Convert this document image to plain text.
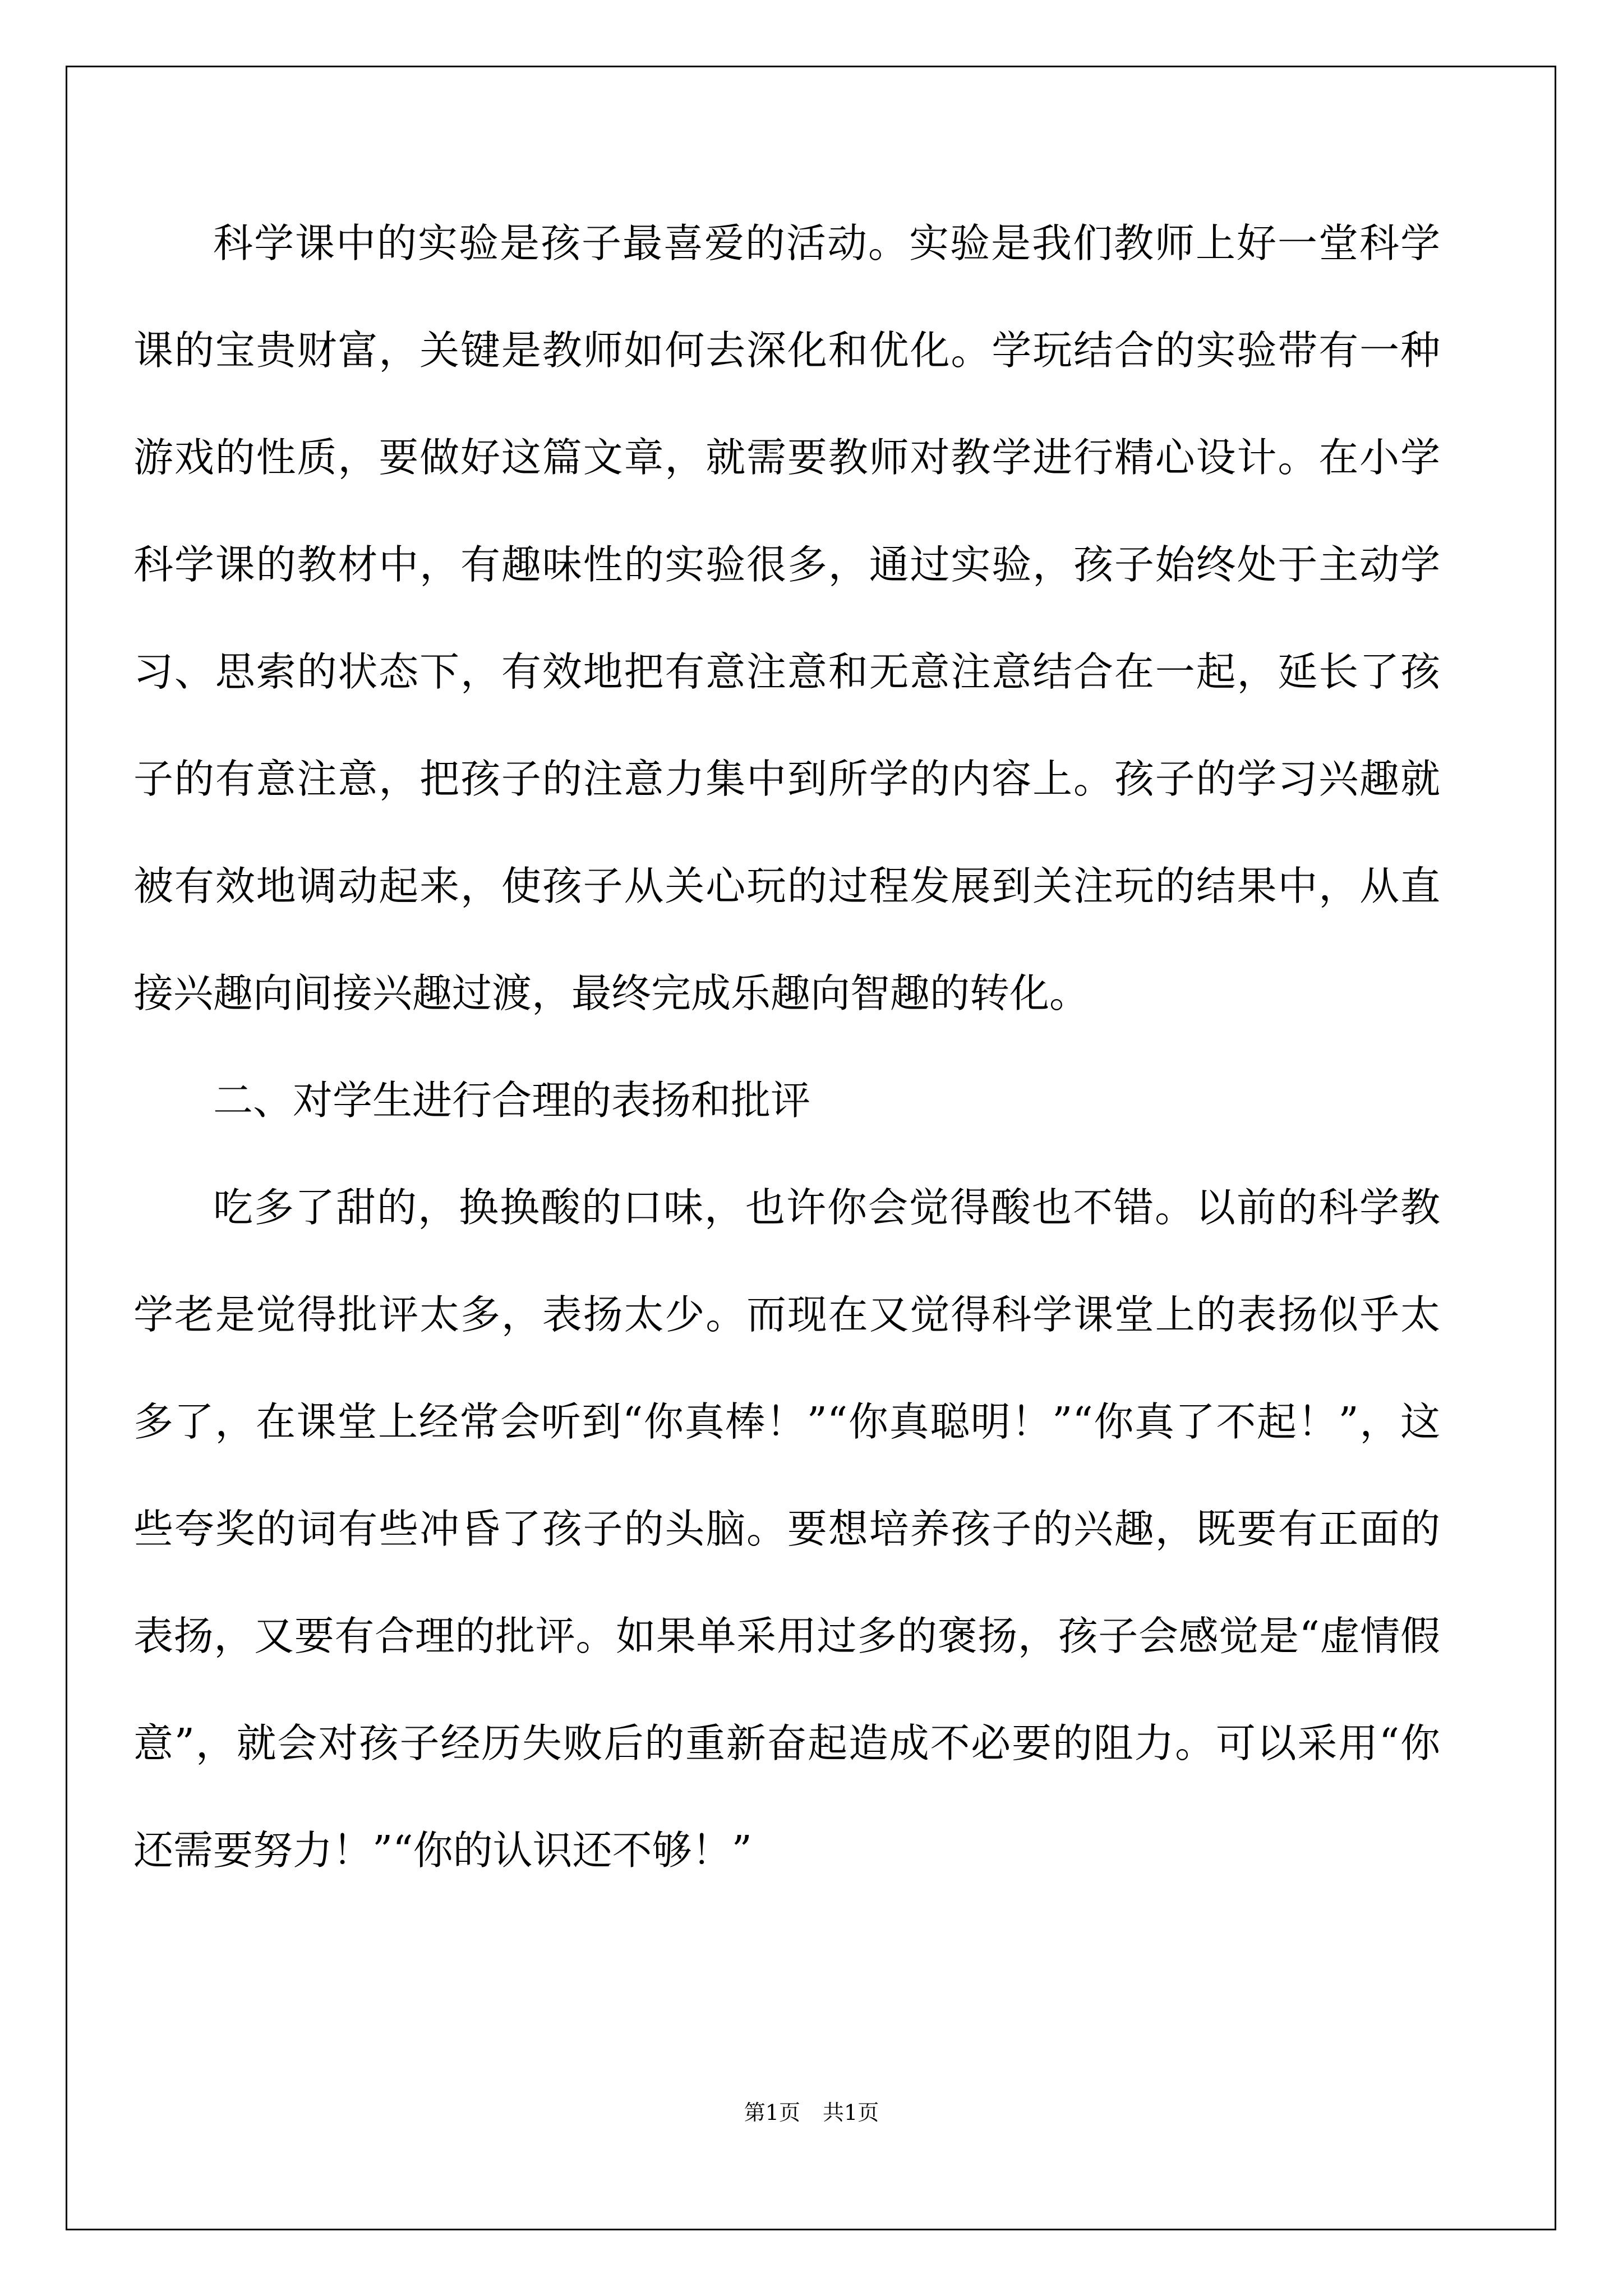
科学课中的实验是孩子最喜爱的活动。实验是我们教师上好一堂科学课的宝贵财富，关键是教师如何去深化和优化。学玩结合的实验带有一种游戏的性质，要做好这篇文章，就需要教师对教学进行精心设计。在小学科学课的教材中，有趣味性的实验很多，通过实验，孩子始终处于主动学习、思索的状态下，有效地把有意注意和无意注意结合在一起，延长了孩子的有意注意，把孩子的注意力集中到所学的内容上。孩子的学习兴趣就被有效地调动起来，使孩子从关心玩的过程发展到关注玩的结果中，从直接兴趣向间接兴趣过渡，最终完成乐趣向智趣的转化。

二、对学生进行合理的表扬和批评

吃多了甜的，换换酸的口味，也许你会觉得酸也不错。以前的科学教学老是觉得批评太多，表扬太少。而现在又觉得科学课堂上的表扬似乎太多了，在课堂上经常会听到“你真棒！”“你真聪明！”“你真了不起！”，这些夸奖的词有些冲昏了孩子的头脑。要想培养孩子的兴趣，既要有正面的表扬，又要有合理的批评。如果单采用过多的褒扬，孩子会感觉是“虚情假意”，就会对孩子经历失败后的重新奋起造成不必要的阻力。可以采用“你还需要努力！”“你的认识还不够！”

第1页 共1页
